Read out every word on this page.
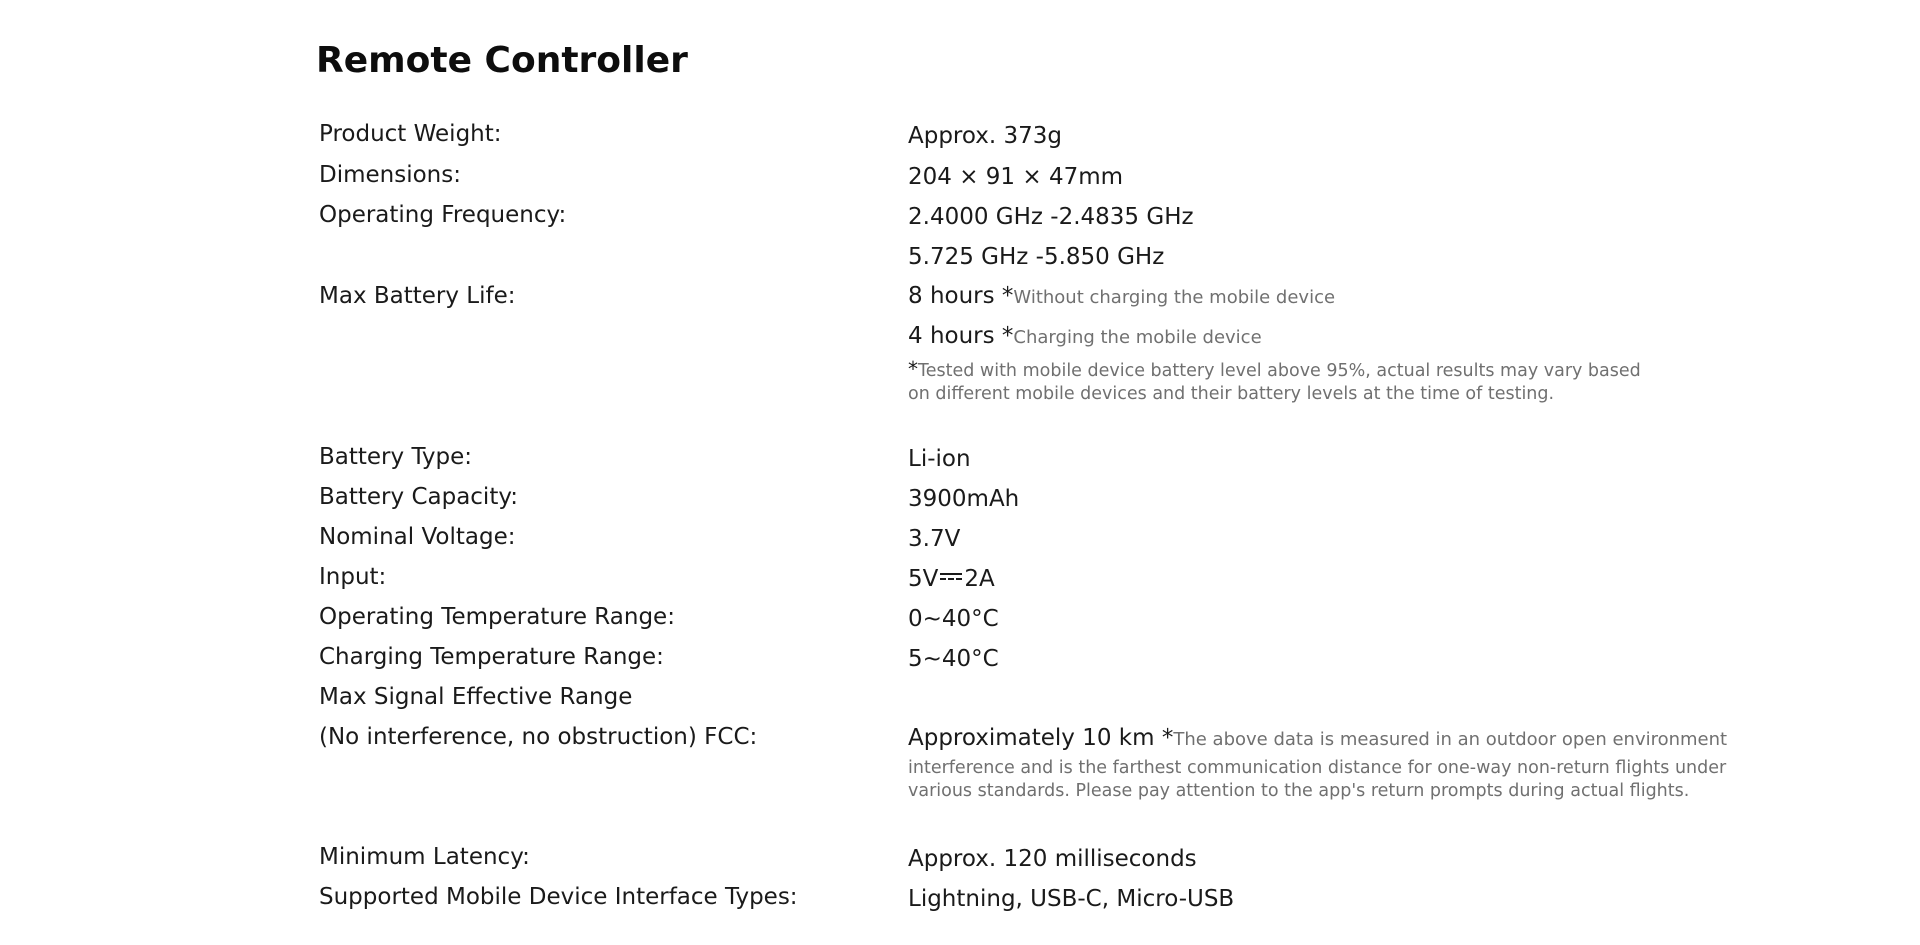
Remote Controller
Product Weight:	Approx. 373g
Dimensions:	204 × 91 × 47mm
Operating Frequency:	2.4000 GHz -2.4835 GHz
5.725 GHz -5.850 GHz
Max Battery Life:	8 hours *Without charging the mobile device
4 hours *Charging the mobile device
*Tested with mobile device battery level above 95%, actual results may vary based
on different mobile devices and their battery levels at the time of testing.
Battery Type:	Li-ion
Battery Capacity:	3900mAh
Nominal Voltage:	3.7V
Input:	5V 2A
Operating Temperature Range:	0~40°C
Charging Temperature Range:	5~40°C
Max Signal Effective Range
(No interference, no obstruction) FCC:	Approximately 10 km *The above data is measured in an outdoor open environment
interference and is the farthest communication distance for one-way non-return flights under
various standards. Please pay attention to the app's return prompts during actual flights.
Minimum Latency:	Approx. 120 milliseconds
Supported Mobile Device Interface Types:	Lightning, USB-C, Micro-USB
